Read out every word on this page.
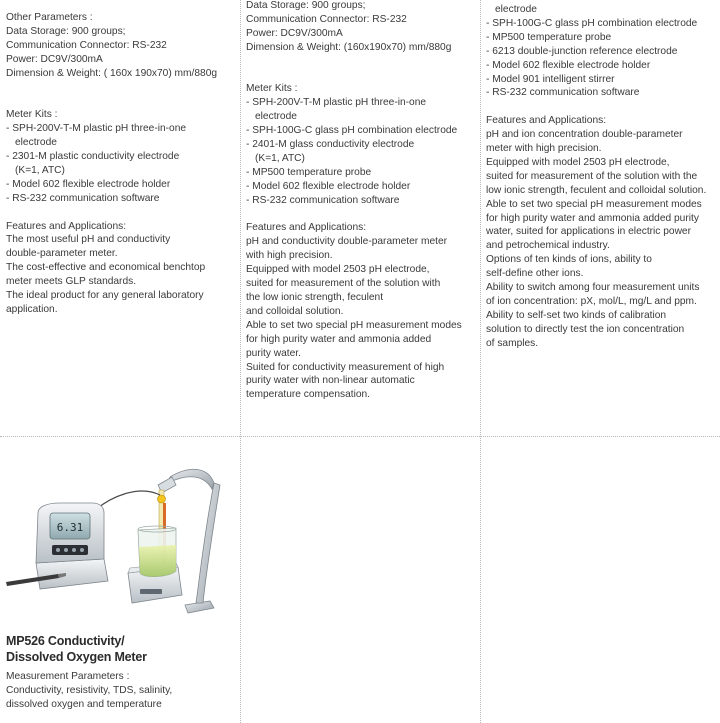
Other Parameters :
Data Storage: 900 groups;
Communication Connector: RS-232
Power: DC9V/300mA
Dimension & Weight: ( 160x 190x70) mm/880g
Meter Kits :
- SPH-200V-T-M plastic pH three-in-one
electrode
- 2301-M plastic conductivity electrode
(K=1, ATC)
- Model 602 flexible electrode holder
- RS-232 communication software
Features and Applications:
The most useful pH and conductivity
double-parameter meter.
The cost-effective and economical benchtop
meter meets GLP standards.
The ideal product for any general laboratory
application.
Data Storage: 900 groups;
Communication Connector: RS-232
Power: DC9V/300mA
Dimension & Weight: (160x190x70) mm/880g
Meter Kits :
- SPH-200V-T-M plastic pH three-in-one
electrode
- SPH-100G-C glass pH combination electrode
- 2401-M glass conductivity electrode
(K=1, ATC)
- MP500 temperature probe
- Model 602 flexible electrode holder
- RS-232 communication software
Features and Applications:
pH and conductivity double-parameter meter
with high precision.
Equipped with model 2503 pH electrode,
suited for measurement of the solution with
the low ionic strength, feculent
and colloidal solution.
Able to set two special pH measurement modes
for high purity water and ammonia added
purity water.
Suited for conductivity measurement of high
purity water with non-linear automatic
temperature compensation.
electrode
- SPH-100G-C glass pH combination electrode
- MP500 temperature probe
- 6213 double-junction reference electrode
- Model 602 flexible electrode holder
- Model 901 intelligent stirrer
- RS-232 communication software
Features and Applications:
pH and ion concentration double-parameter
meter with high precision.
Equipped with model 2503 pH electrode,
suited for measurement of the solution with the
low ionic strength, feculent and colloidal solution.
Able to set two special pH measurement modes
for high purity water and ammonia added purity
water, suited for applications in electric power
and petrochemical industry.
Options of ten kinds of ions, ability to
self-define other ions.
Ability to switch among four measurement units
of ion concentration: pX, mol/L, mg/L and ppm.
Ability to self-set two kinds of calibration
solution to directly test the ion concentration
of samples.
6.31
MP526 Conductivity/
Dissolved Oxygen Meter
Measurement Parameters :
Conductivity, resistivity, TDS, salinity,
dissolved oxygen and temperature
